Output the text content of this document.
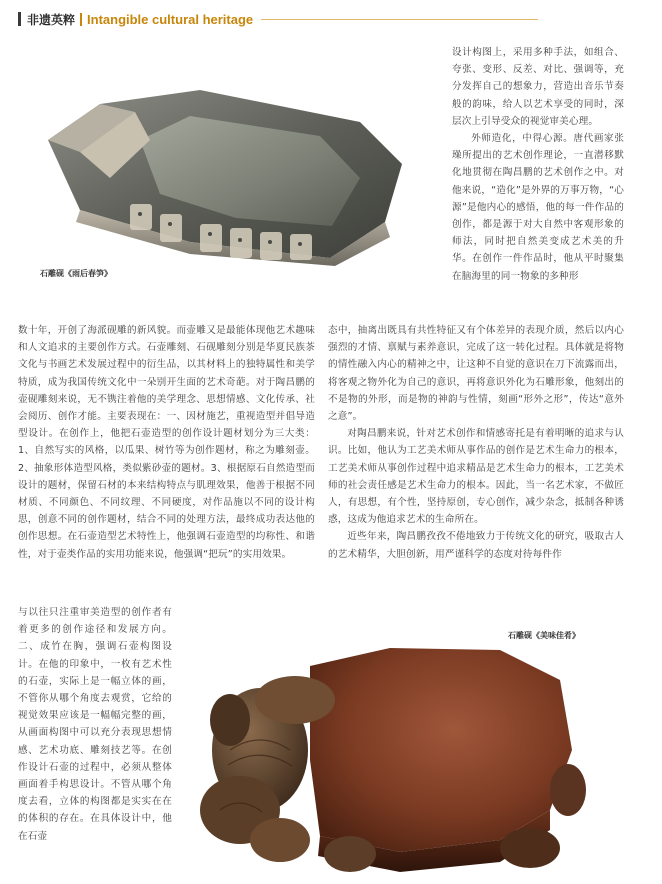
非遗英粹 Intangible cultural heritage
石雕砚《雨后春笋》

设计构图上，采用多种手法，如组合、夸张、变形、反差、对比、强调等，充分发挥自己的想象力，营造出音乐节奏般的韵味，给人以艺术享受的同时，深层次上引导受众的视觉审美心理。

外师造化，中得心源。唐代画家张璪所提出的艺术创作理论，一直潜移默化地贯彻在陶昌鹏的艺术创作之中。对他来说，“造化”是外界的万事万物，“心源”是他内心的感悟，他的每一件作品的创作，都是源于对大自然中客观形象的师法，同时把自然美变成艺术美的升华。在创作一件作品时，他从平时聚集在脑海里的同一物象的多种形

数十年，开创了海派砚雕的新风貌。而壶雕又是最能体现他艺术趣味和人文追求的主要创作方式。石壶雕刻、石砚雕刻分别是华夏民族茶文化与书画艺术发展过程中的衍生品，以其材料上的独特属性和美学特质，成为我国传统文化中一朵别开生面的艺术奇葩。对于陶昌鹏的壶砚雕刻来说，无不镌注着他的美学理念、思想情感、文化传承、社会阅历、创作才能。主要表现在：一、因材施艺，重视造型并倡导造型设计。在创作上，他把石壶造型的创作设计题材划分为三大类：1、自然写实的风格，以瓜果、树竹等为创作题材，称之为雕刻壶。2、抽象形体造型风格，类似紫砂壶的题材。3、根据原石自然造型而设计的题材，保留石材的本来结构特点与肌理效果，他善于根据不同材质、不同颜色、不同纹理、不同硬度，对作品施以不同的设计构思，创意不同的创作题材，结合不同的处理方法，最终成功表达他的创作思想。在石壶造型艺术特性上，他强调石壶造型的均称性、和谐性，对于壶类作品的实用功能来说，他强调“把玩”的实用效果。

与以往只注重审美造型的创作者有着更多的创作途径和发展方向。二、成竹在胸，强调石壶构图设计。在他的印象中，一枚有艺术性的石壶，实际上是一幅立体的画，不管你从哪个角度去观赏，它给的视觉效果应该是一幅幅完整的画，从画面构图中可以充分表现思想情感、艺术功底、雕刻技艺等。在创作设计石壶的过程中，必须从整体画面着手构思设计。不管从哪个角度去看，立体的构图都是实实在在的体积的存在。在具体设计中，他在石壶

态中，抽离出既具有共性特征又有个体差异的表现介质，然后以内心强烈的才情、禀赋与素养意识，完成了这一转化过程。具体就是将物的情性融入内心的精神之中，让这种不自觉的意识在刀下流露而出，将客观之物外化为自己的意识，再将意识外化为石雕形象，他刻出的不是物的外形，而是物的神韵与性情，刻画“形外之形”，传达“意外之意”。

对陶昌鹏来说，针对艺术创作和情感寄托是有着明晰的追求与认识。比如，他认为工艺美术师从事作品的创作是艺术生命力的根本，工艺美术师从事创作过程中追求精品是艺术生命力的根本，工艺美术师的社会责任感是艺术生命力的根本。因此，当一名艺术家，不做匠人，有思想，有个性，坚持原创，专心创作，减少杂念，抵制各种诱惑，这成为他追求艺术的生命所在。

近些年来，陶昌鹏孜孜不倦地致力于传统文化的研究，吸取古人的艺术精华，大胆创新，用严谨科学的态度对待每件作

石雕砚《美味佳肴》
